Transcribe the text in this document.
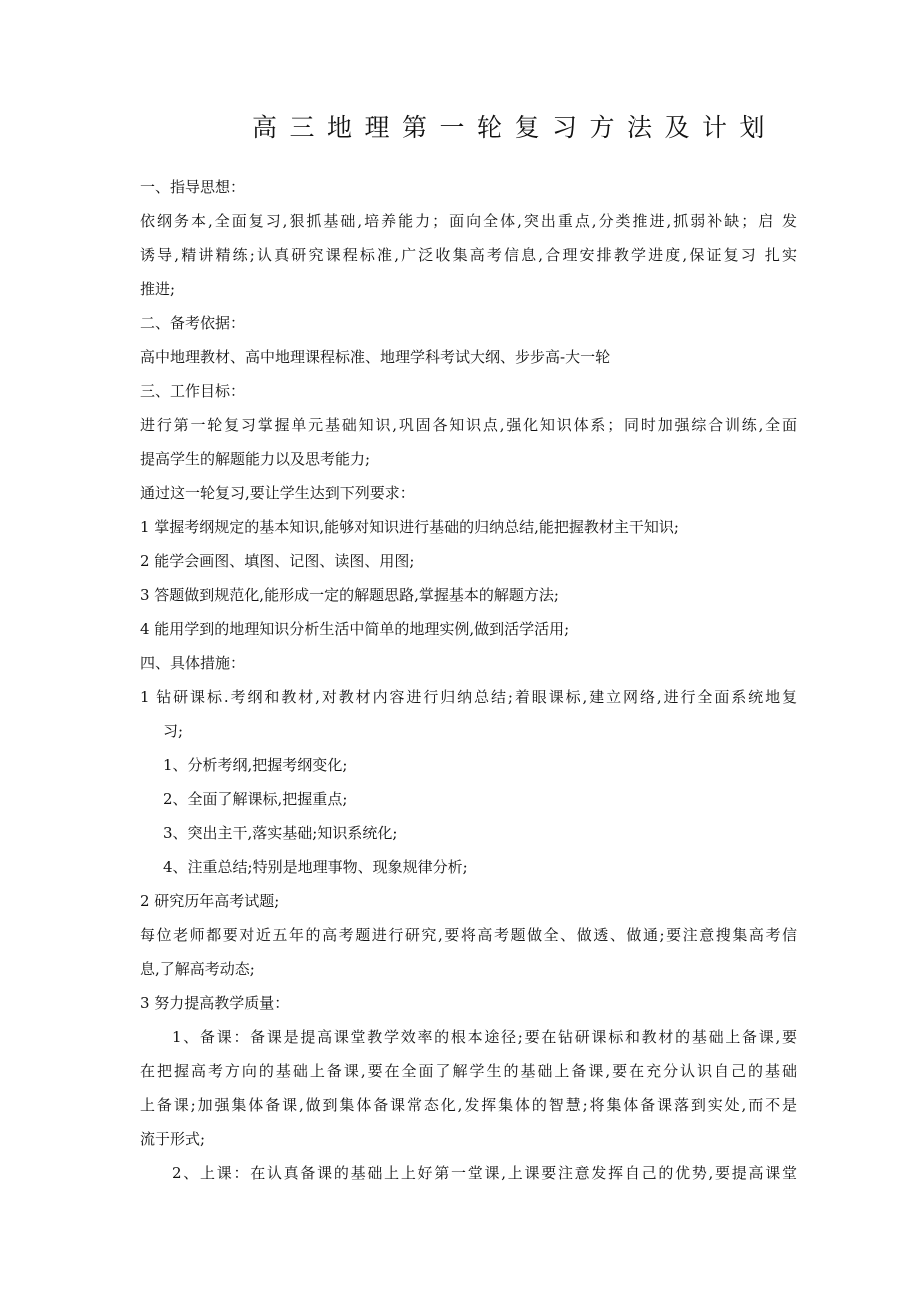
高三地理第一轮复习方法及计划
一、指导思想：
依纲务本,全面复习,狠抓基础,培养能力；面向全体,突出重点,分类推进,抓弱补缺；启 发
诱导,精讲精练;认真研究课程标准,广泛收集高考信息,合理安排教学进度,保证复习 扎实
推进;
二、备考依据：
高中地理教材、高中地理课程标准、地理学科考试大纲、步步高-大一轮
三、工作目标：
进行第一轮复习掌握单元基础知识,巩固各知识点,强化知识体系；同时加强综合训练,全面
提高学生的解题能力以及思考能力;
通过这一轮复习,要让学生达到下列要求：
1 掌握考纲规定的基本知识,能够对知识进行基础的归纳总结,能把握教材主干知识;
2 能学会画图、填图、记图、读图、用图;
3 答题做到规范化,能形成一定的解题思路,掌握基本的解题方法;
4 能用学到的地理知识分析生活中简单的地理实例,做到活学活用;
四、具体措施：
1 钻研课标.考纲和教材,对教材内容进行归纳总结;着眼课标,建立网络,进行全面系统地复
习;
1、分析考纲,把握考纲变化;
2、全面了解课标,把握重点;
3、突出主干,落实基础;知识系统化;
4、注重总结;特别是地理事物、现象规律分析;
2 研究历年高考试题;
每位老师都要对近五年的高考题进行研究,要将高考题做全、做透、做通;要注意搜集高考信
息,了解高考动态;
3 努力提高教学质量：
1、备课：备课是提高课堂教学效率的根本途径;要在钻研课标和教材的基础上备课,要
在把握高考方向的基础上备课,要在全面了解学生的基础上备课,要在充分认识自己的基础
上备课;加强集体备课,做到集体备课常态化,发挥集体的智慧;将集体备课落到实处,而不是
流于形式;
2、上课：在认真备课的基础上上好第一堂课,上课要注意发挥自己的优势,要提高课堂
